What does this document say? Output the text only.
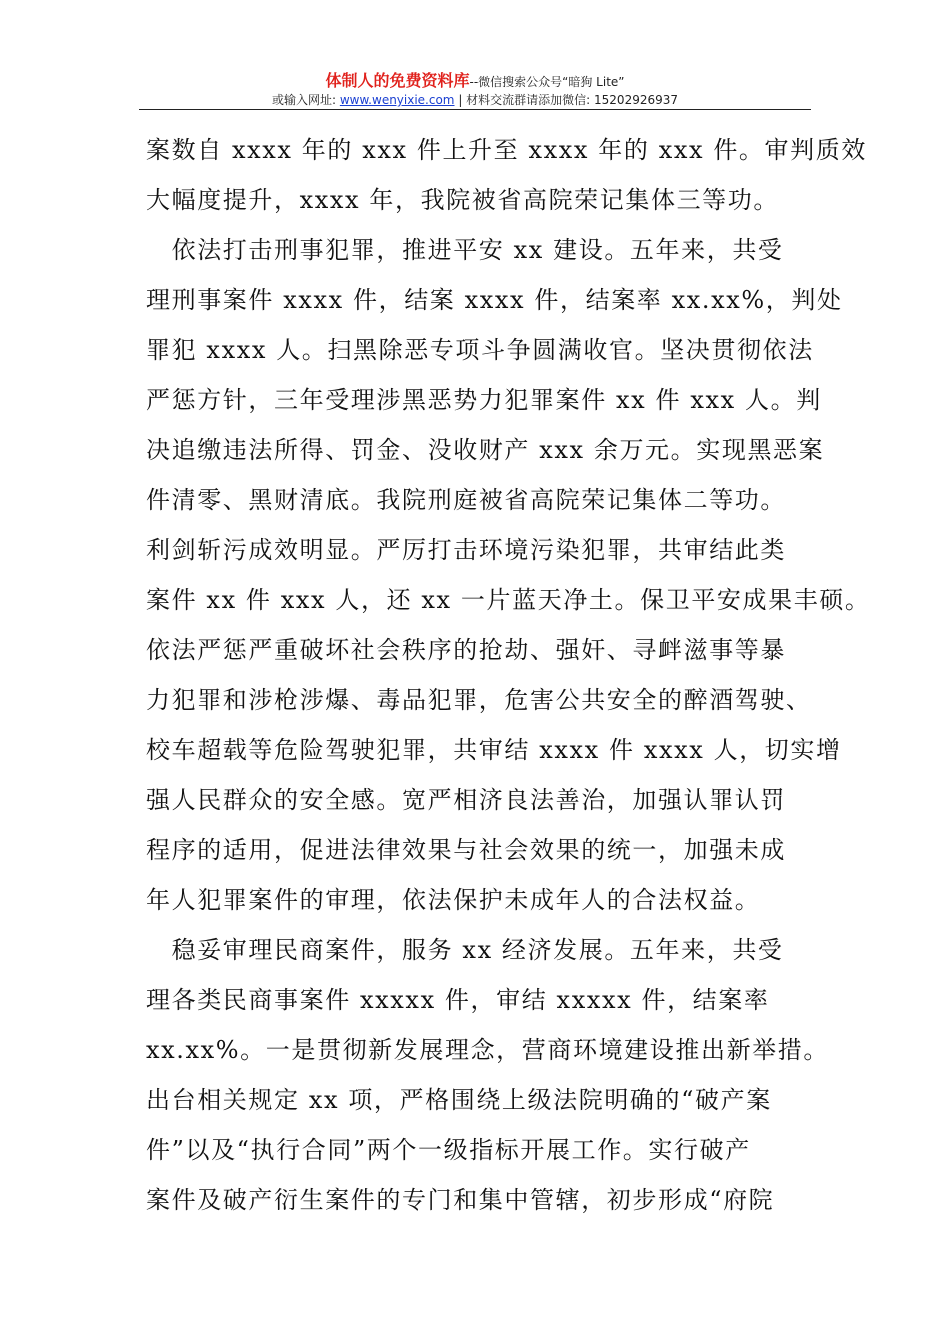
体制人的免费资料库--微信搜索公众号“暗狗 Lite”
或输入网址: www.wenyixie.com | 材料交流群请添加微信: 15202926937
案数自 xxxx 年的 xxx 件上升至 xxxx 年的 xxx 件。审判质效
大幅度提升，xxxx 年，我院被省高院荣记集体三等功。
　依法打击刑事犯罪，推进平安 xx 建设。五年来，共受
理刑事案件 xxxx 件，结案 xxxx 件，结案率 xx.xx%，判处
罪犯 xxxx 人。扫黑除恶专项斗争圆满收官。坚决贯彻依法
严惩方针，三年受理涉黑恶势力犯罪案件 xx 件 xxx 人。判
决追缴违法所得、罚金、没收财产 xxx 余万元。实现黑恶案
件清零、黑财清底。我院刑庭被省高院荣记集体二等功。
利剑斩污成效明显。严厉打击环境污染犯罪，共审结此类
案件 xx 件 xxx 人，还 xx 一片蓝天净土。保卫平安成果丰硕。
依法严惩严重破坏社会秩序的抢劫、强奸、寻衅滋事等暴
力犯罪和涉枪涉爆、毒品犯罪，危害公共安全的醉酒驾驶、
校车超载等危险驾驶犯罪，共审结 xxxx 件 xxxx 人，切实增
强人民群众的安全感。宽严相济良法善治，加强认罪认罚
程序的适用，促进法律效果与社会效果的统一，加强未成
年人犯罪案件的审理，依法保护未成年人的合法权益。
　稳妥审理民商案件，服务 xx 经济发展。五年来，共受
理各类民商事案件 xxxxx 件，审结 xxxxx 件，结案率
xx.xx%。一是贯彻新发展理念，营商环境建设推出新举措。
出台相关规定 xx 项，严格围绕上级法院明确的“破产案
件”以及“执行合同”两个一级指标开展工作。实行破产
案件及破产衍生案件的专门和集中管辖，初步形成“府院
